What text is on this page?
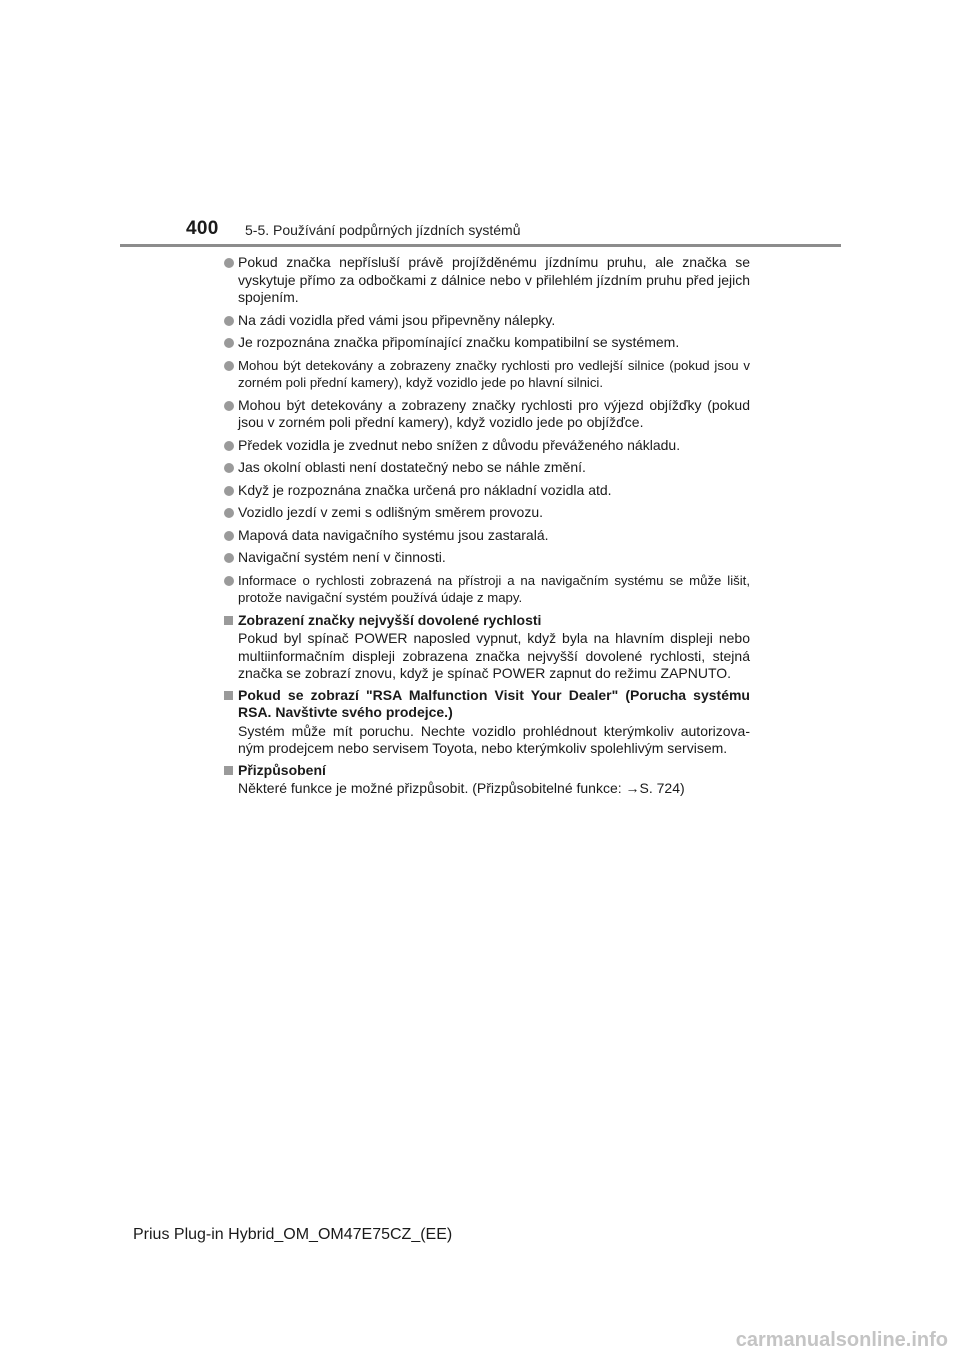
400 5-5. Používání podpůrných jízdních systémů
Pokud značka nepřísluší právě projížděnému jízdnímu pruhu, ale značka se vyskytuje přímo za odbočkami z dálnice nebo v přilehlém jízdním pruhu před jejich spojením.
Na zádi vozidla před vámi jsou připevněny nálepky.
Je rozpoznána značka připomínající značku kompatibilní se systémem.
Mohou být detekovány a zobrazeny značky rychlosti pro vedlejší silnice (pokud jsou v zorném poli přední kamery), když vozidlo jede po hlavní silnici.
Mohou být detekovány a zobrazeny značky rychlosti pro výjezd objížďky (pokud jsou v zorném poli přední kamery), když vozidlo jede po objížďce.
Předek vozidla je zvednut nebo snížen z důvodu převáženého nákladu.
Jas okolní oblasti není dostatečný nebo se náhle změní.
Když je rozpoznána značka určená pro nákladní vozidla atd.
Vozidlo jezdí v zemi s odlišným směrem provozu.
Mapová data navigačního systému jsou zastaralá.
Navigační systém není v činnosti.
Informace o rychlosti zobrazená na přístroji a na navigačním systému se může lišit, protože navigační systém používá údaje z mapy.
Zobrazení značky nejvyšší dovolené rychlosti
Pokud byl spínač POWER naposled vypnut, když byla na hlavním displeji nebo multiinformačním displeji zobrazena značka nejvyšší dovolené rychlosti, stejná značka se zobrazí znovu, když je spínač POWER zapnut do režimu ZAPNUTO.
Pokud se zobrazí "RSA Malfunction Visit Your Dealer" (Porucha systému RSA. Navštivte svého prodejce.)
Systém může mít poruchu. Nechte vozidlo prohlédnout kterýmkoliv autorizova-ným prodejcem nebo servisem Toyota, nebo kterýmkoliv spolehlivým servisem.
Přizpůsobení
Některé funkce je možné přizpůsobit. (Přizpůsobitelné funkce: →S. 724)
Prius Plug-in Hybrid_OM_OM47E75CZ_(EE)
carmanualsonline.info
